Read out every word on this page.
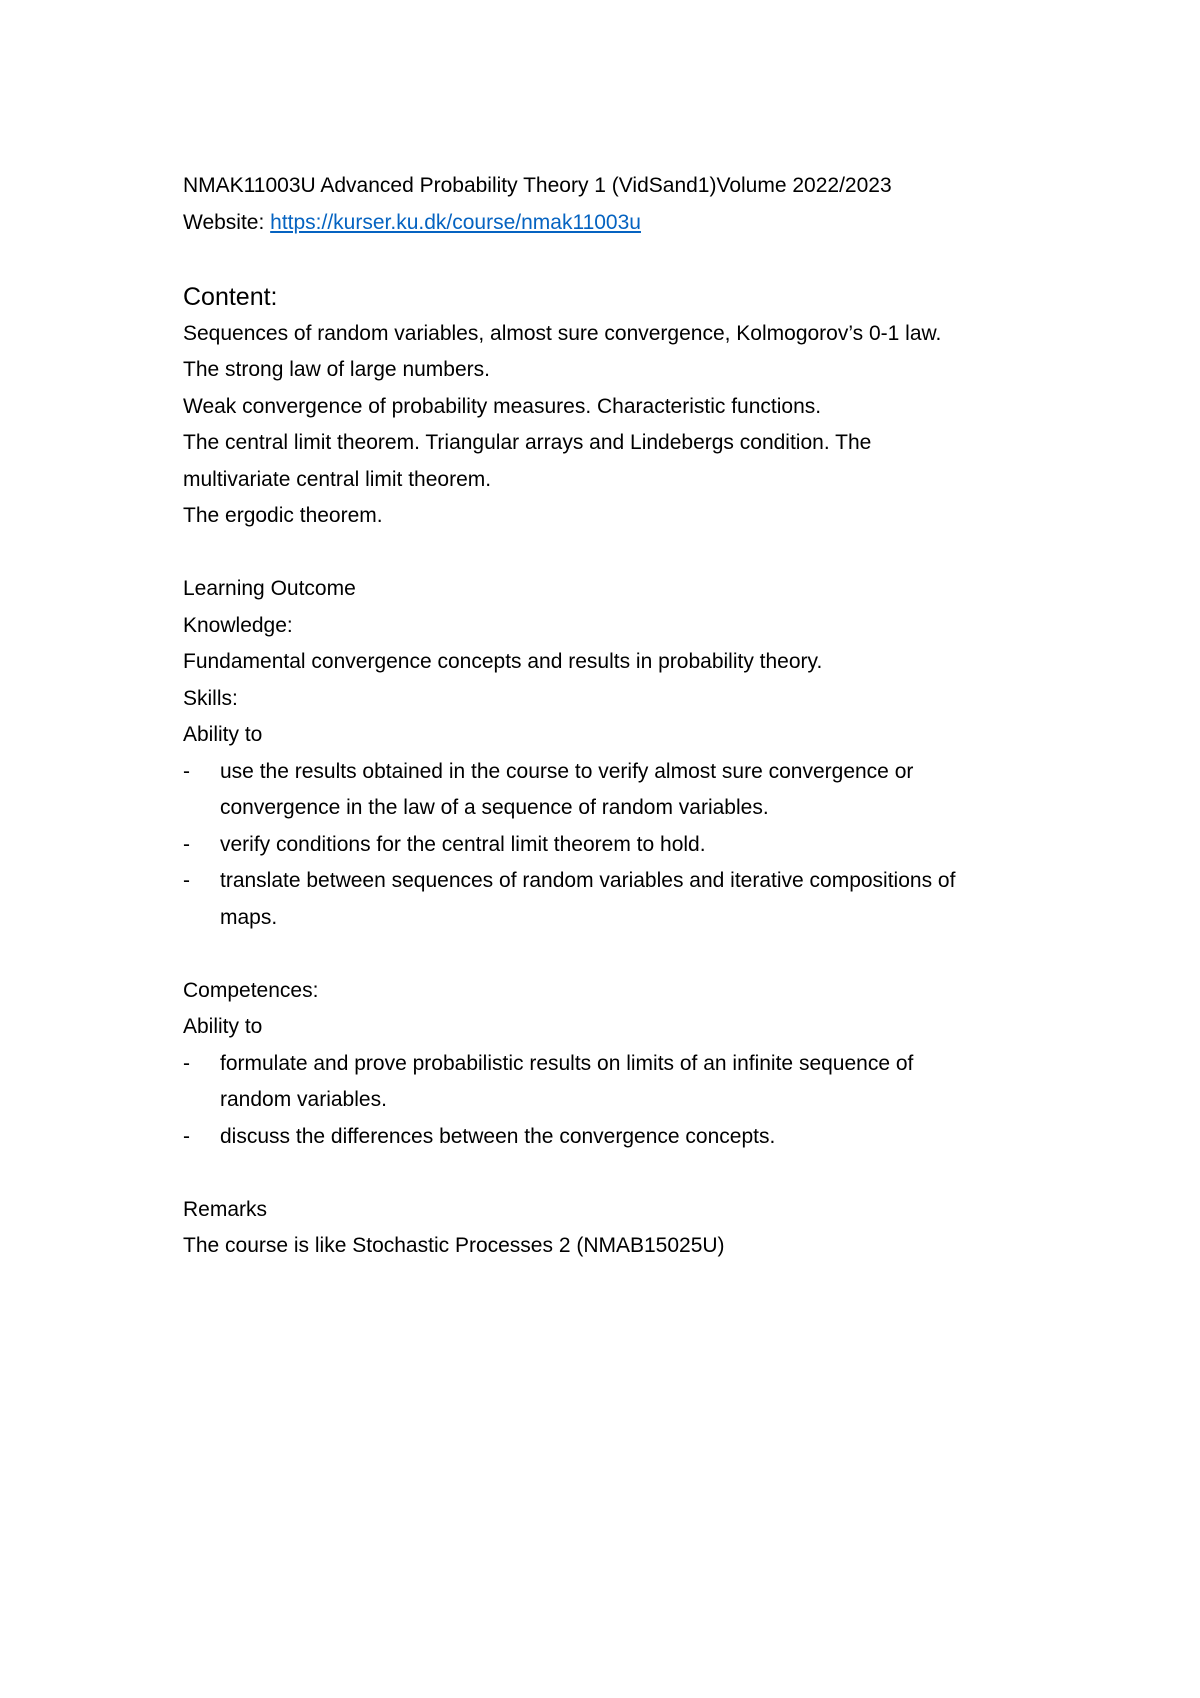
NMAK11003U Advanced Probability Theory 1 (VidSand1)Volume 2022/2023
Website: https://kurser.ku.dk/course/nmak11003u
Content:
Sequences of random variables, almost sure convergence, Kolmogorov’s 0-1 law.
The strong law of large numbers.
Weak convergence of probability measures. Characteristic functions.
The central limit theorem. Triangular arrays and Lindebergs condition. The
multivariate central limit theorem.
The ergodic theorem.
Learning Outcome
Knowledge:
Fundamental convergence concepts and results in probability theory.
Skills:
Ability to
- use the results obtained in the course to verify almost sure convergence or
convergence in the law of a sequence of random variables.
- verify conditions for the central limit theorem to hold.
- translate between sequences of random variables and iterative compositions of
maps.
Competences:
Ability to
- formulate and prove probabilistic results on limits of an infinite sequence of
random variables.
- discuss the differences between the convergence concepts.
Remarks
The course is like Stochastic Processes 2 (NMAB15025U)
